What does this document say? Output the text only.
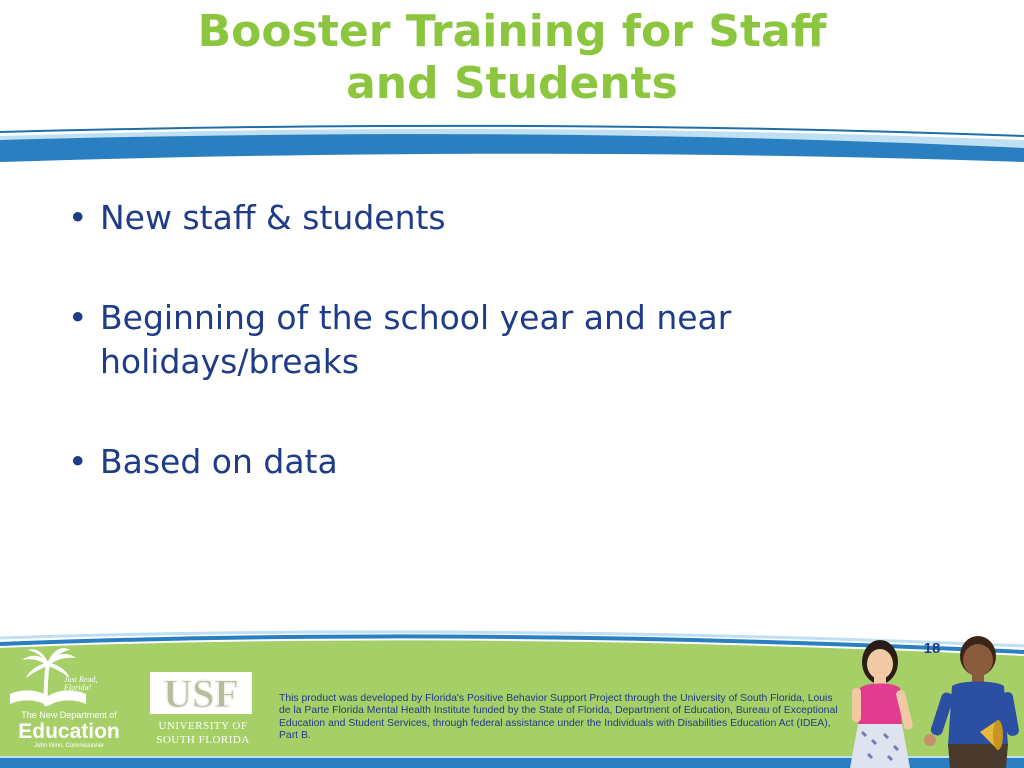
Booster Training for Staff
and Students
• New staff & students
• Beginning of the school year and near holidays/breaks
• Based on data
18
Just Read, Florida!
The New Department of
Education
John Winn, Commissioner
USF
UNIVERSITY OF
SOUTH FLORIDA
This product was developed by Florida's Positive Behavior Support Project through the University of South Florida, Louis de la Parte Florida Mental Health Institute funded by the State of Florida, Department of Education, Bureau of Exceptional Education and Student Services, through federal assistance under the Individuals with Disabilities Education Act (IDEA), Part B.
